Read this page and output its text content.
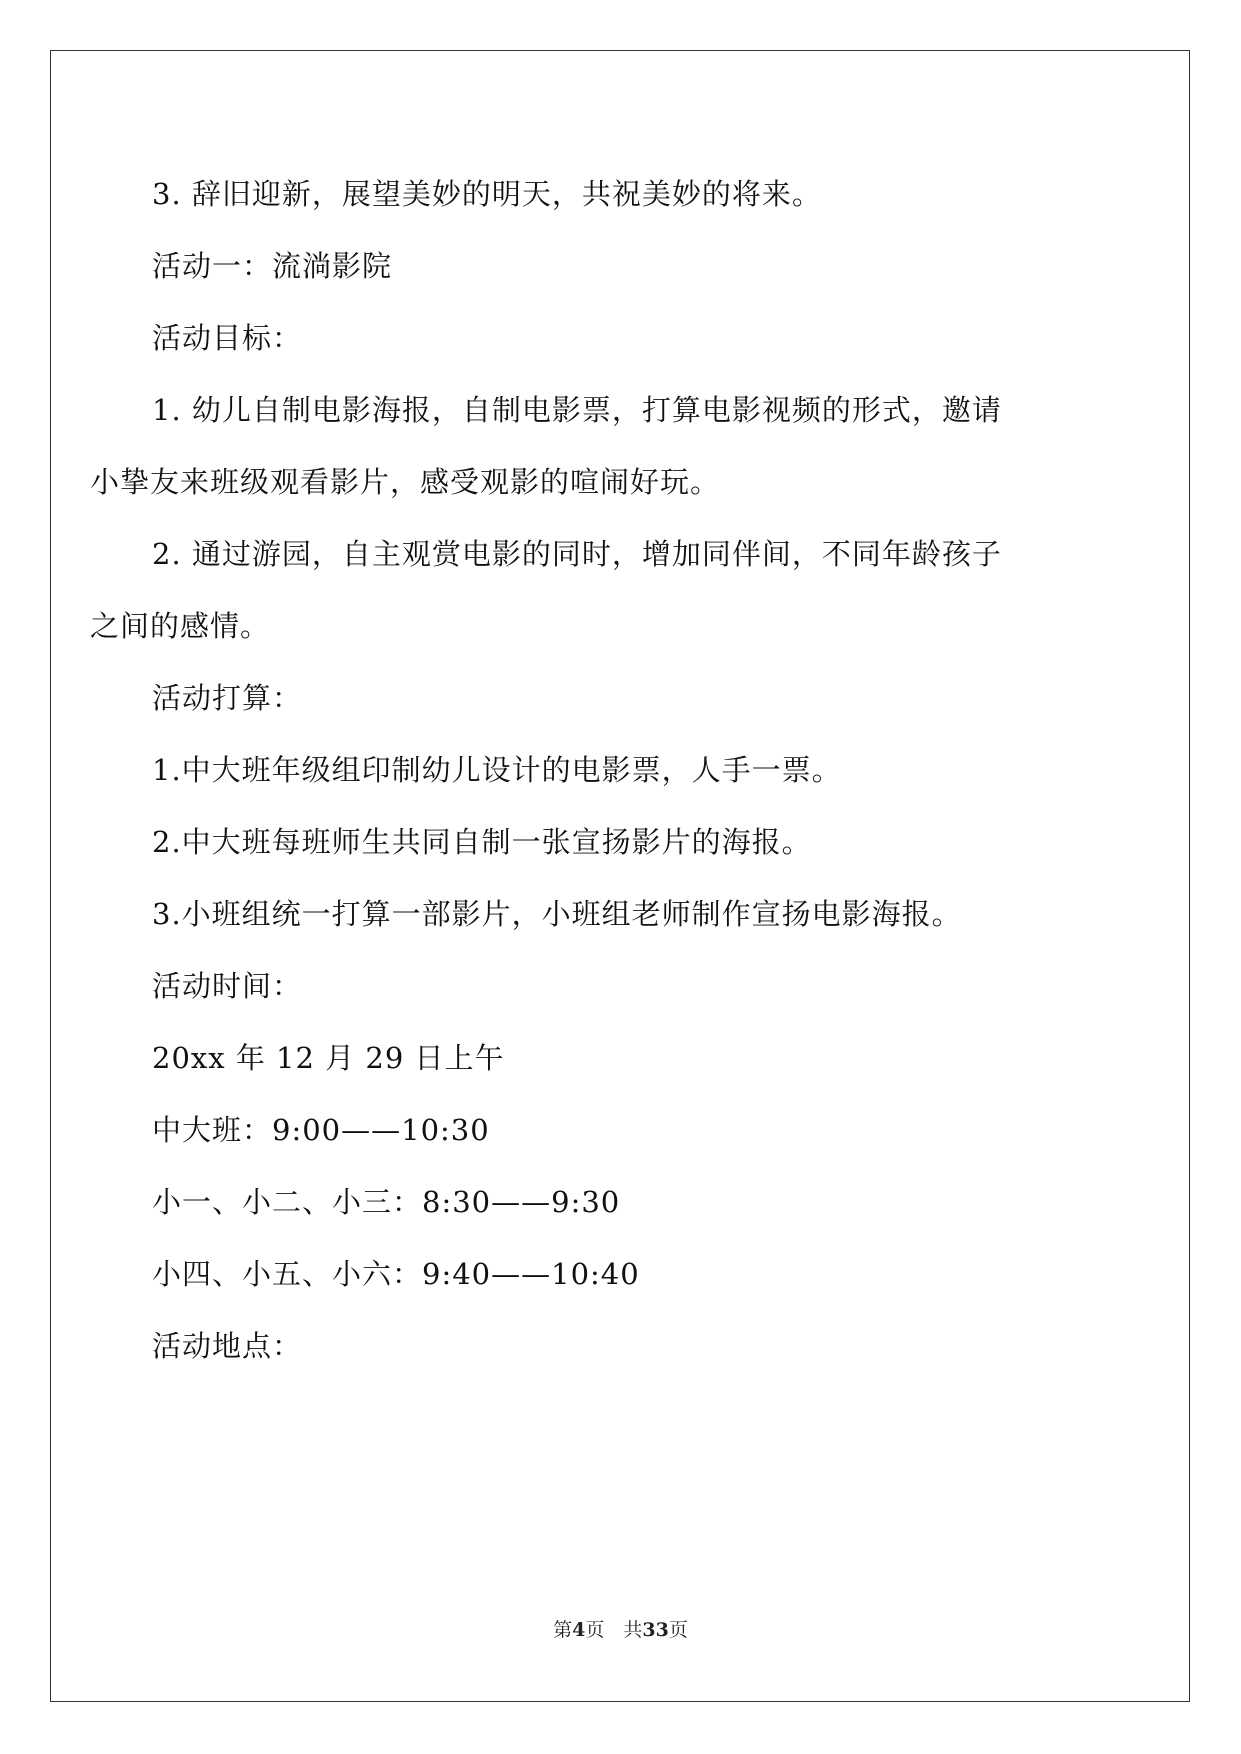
3. 辞旧迎新，展望美妙的明天，共祝美妙的将来。
活动一：流淌影院
活动目标：
1. 幼儿自制电影海报，自制电影票，打算电影视频的形式，邀请
小挚友来班级观看影片，感受观影的喧闹好玩。
2. 通过游园，自主观赏电影的同时，增加同伴间，不同年龄孩子
之间的感情。
活动打算：
1.中大班年级组印制幼儿设计的电影票，人手一票。
2.中大班每班师生共同自制一张宣扬影片的海报。
3.小班组统一打算一部影片，小班组老师制作宣扬电影海报。
活动时间：
20xx 年 12 月 29 日上午
中大班：9:00——10:30
小一、小二、小三：8:30——9:30
小四、小五、小六：9:40——10:40
活动地点：
第4页　共33页
